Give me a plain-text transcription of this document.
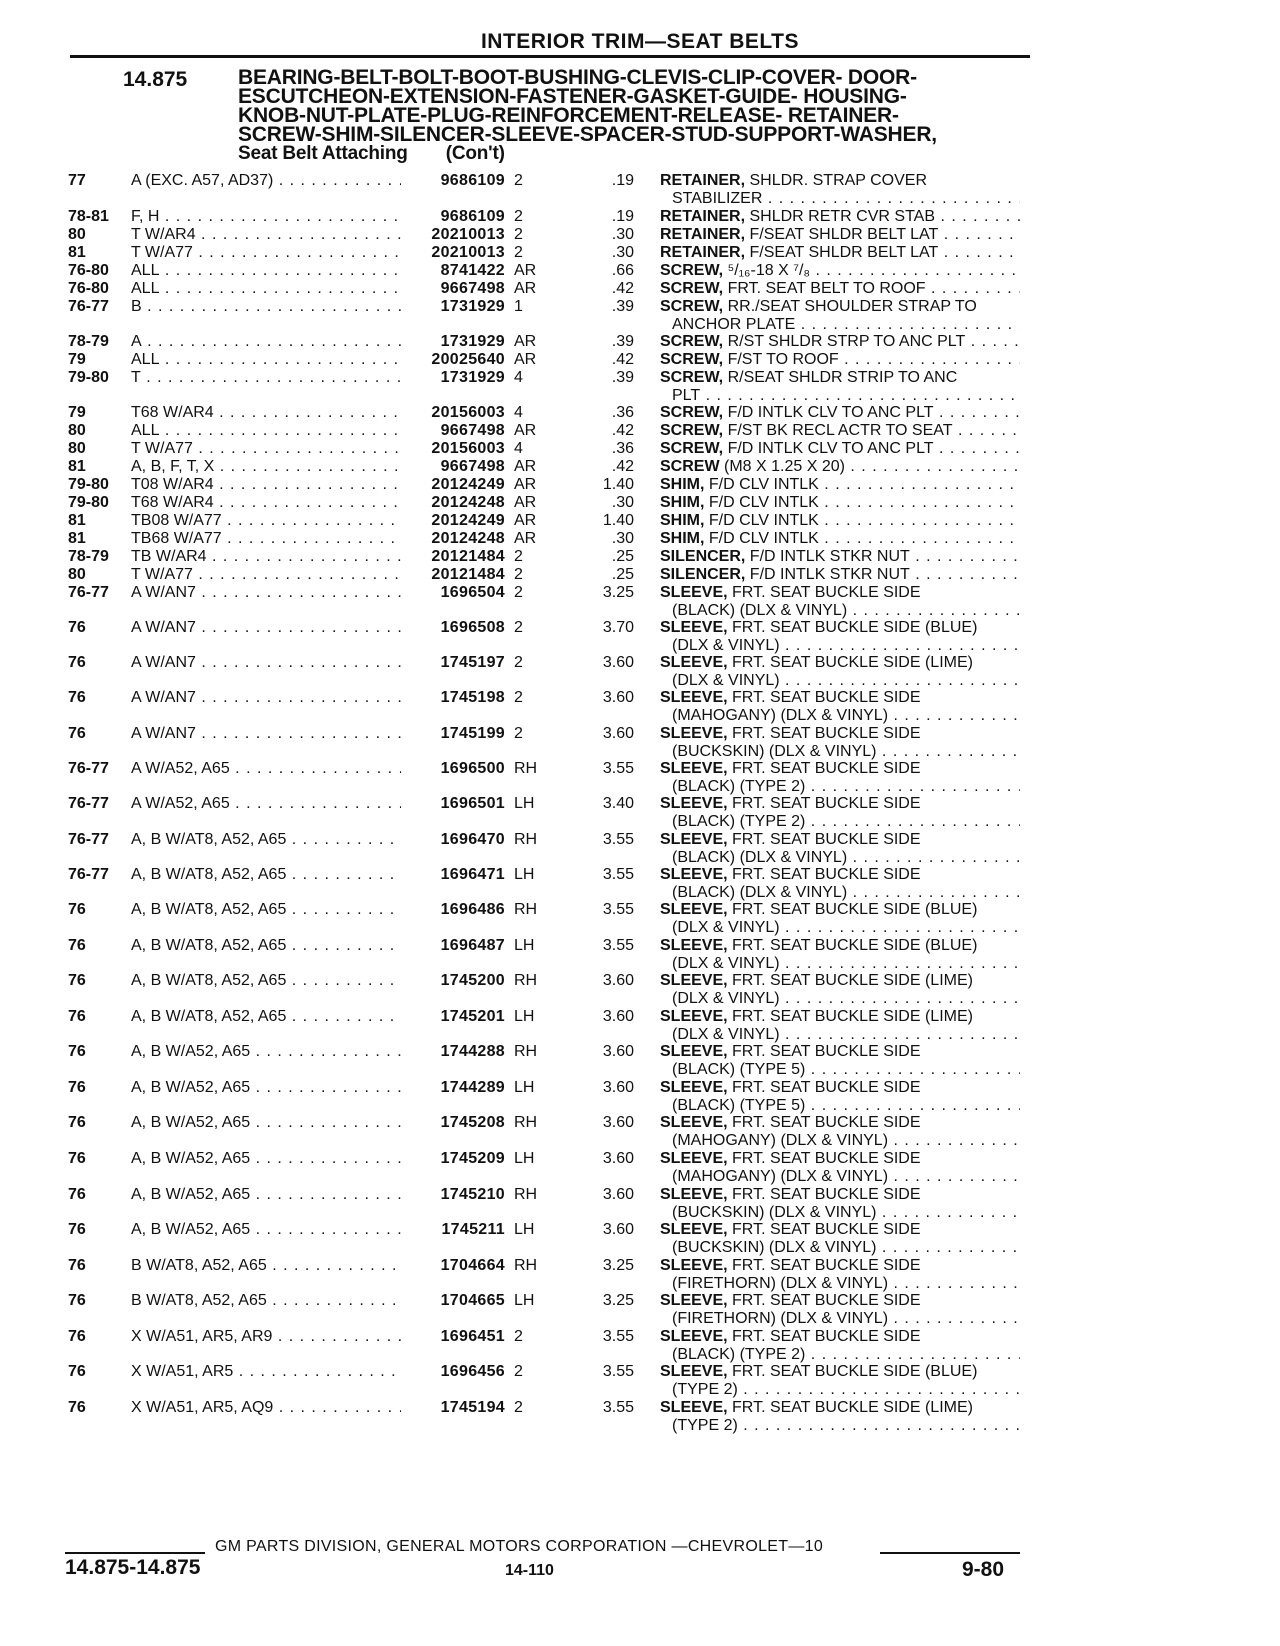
INTERIOR TRIM—SEAT BELTS
14.875 BEARING-BELT-BOLT-BOOT-BUSHING-CLEVIS-CLIP-COVER- DOOR-
ESCUTCHEON-EXTENSION-FASTENER-GASKET-GUIDE- HOUSING-
KNOB-NUT-PLATE-PLUG-REINFORCEMENT-RELEASE- RETAINER-
SCREW-SHIM-SILENCER-SLEEVE-SPACER-STUD-SUPPORT-WASHER,
Seat Belt Attaching (Con't)
77	A (EXC. A57, AD37) . . .	9686109 2	.19 RETAINER, SHLDR. STRAP COVER
STABILIZER . . .
78-81 F, H . . .	9686109 2	.19 RETAINER, SHLDR RETR CVR STAB . . .
80	T W/AR4 . . .	20210013 2	.30 RETAINER, F/SEAT SHLDR BELT LAT . . .
81	T W/A77 . . .	20210013 2	.30 RETAINER, F/SEAT SHLDR BELT LAT . . .
76-80 ALL . . .	8741422 AR	.66 SCREW, ⁵/₁₆-18 X ⁷/₈ . . .
76-80 ALL . . .	9667498 AR	.42 SCREW, FRT. SEAT BELT TO ROOF . . .
76-77 B . . .	1731929 1	.39 SCREW, RR./SEAT SHOULDER STRAP TO
ANCHOR PLATE . . .
78-79 A . . .	1731929 AR	.39 SCREW, R/ST SHLDR STRP TO ANC PLT . . .
79	ALL . . .	20025640 AR	.42 SCREW, F/ST TO ROOF . . .
79-80 T . . .	1731929 4	.39 SCREW, R/SEAT SHLDR STRIP TO ANC
PLT . . .
79	T68 W/AR4 . . .	20156003 4	.36 SCREW, F/D INTLK CLV TO ANC PLT . . .
80	ALL . . .	9667498 AR	.42 SCREW, F/ST BK RECL ACTR TO SEAT . . .
80	T W/A77 . . .	20156003 4	.36 SCREW, F/D INTLK CLV TO ANC PLT . . .
81	A, B, F, T, X . . .	9667498 AR	.42 SCREW (M8 X 1.25 X 20) . . .
79-80 T08 W/AR4 . . .	20124249 AR	1.40 SHIM, F/D CLV INTLK . . .
79-80 T68 W/AR4 . . .	20124248 AR	.30 SHIM, F/D CLV INTLK . . .
81	TB08 W/A77 . . .	20124249 AR	1.40 SHIM, F/D CLV INTLK . . .
81	TB68 W/A77 . . .	20124248 AR	.30 SHIM, F/D CLV INTLK . . .
78-79 TB W/AR4 . . .	20121484 2	.25 SILENCER, F/D INTLK STKR NUT . . .
80	T W/A77 . . .	20121484 2	.25 SILENCER, F/D INTLK STKR NUT . . .
76-77 A W/AN7 . . .	1696504 2	3.25 SLEEVE, FRT. SEAT BUCKLE SIDE
(BLACK) (DLX & VINYL) . . .
76	A W/AN7 . . .	1696508 2	3.70 SLEEVE, FRT. SEAT BUCKLE SIDE (BLUE)
(DLX & VINYL) . . .
76	A W/AN7 . . .	1745197 2	3.60 SLEEVE, FRT. SEAT BUCKLE SIDE (LIME)
(DLX & VINYL) . . .
76	A W/AN7 . . .	1745198 2	3.60 SLEEVE, FRT. SEAT BUCKLE SIDE
(MAHOGANY) (DLX & VINYL) . . .
76	A W/AN7 . . .	1745199 2	3.60 SLEEVE, FRT. SEAT BUCKLE SIDE
(BUCKSKIN) (DLX & VINYL) . . .
76-77 A W/A52, A65 . . .	1696500 RH	3.55 SLEEVE, FRT. SEAT BUCKLE SIDE
(BLACK) (TYPE 2) . . .
76-77 A W/A52, A65 . . .	1696501 LH	3.40 SLEEVE, FRT. SEAT BUCKLE SIDE
(BLACK) (TYPE 2) . . .
76-77 A, B W/AT8, A52, A65 . . .	1696470 RH	3.55 SLEEVE, FRT. SEAT BUCKLE SIDE
(BLACK) (DLX & VINYL) . . .
76-77 A, B W/AT8, A52, A65 . . .	1696471 LH	3.55 SLEEVE, FRT. SEAT BUCKLE SIDE
(BLACK) (DLX & VINYL) . . .
76	A, B W/AT8, A52, A65 . . .	1696486 RH	3.55 SLEEVE, FRT. SEAT BUCKLE SIDE (BLUE)
(DLX & VINYL) . . .
76	A, B W/AT8, A52, A65 . . .	1696487 LH	3.55 SLEEVE, FRT. SEAT BUCKLE SIDE (BLUE)
(DLX & VINYL) . . .
76	A, B W/AT8, A52, A65 . . .	1745200 RH	3.60 SLEEVE, FRT. SEAT BUCKLE SIDE (LIME)
(DLX & VINYL) . . .
76	A, B W/AT8, A52, A65 . . .	1745201 LH	3.60 SLEEVE, FRT. SEAT BUCKLE SIDE (LIME)
(DLX & VINYL) . . .
76	A, B W/A52, A65 . . .	1744288 RH	3.60 SLEEVE, FRT. SEAT BUCKLE SIDE
(BLACK) (TYPE 5) . . .
76	A, B W/A52, A65 . . .	1744289 LH	3.60 SLEEVE, FRT. SEAT BUCKLE SIDE
(BLACK) (TYPE 5) . . .
76	A, B W/A52, A65 . . .	1745208 RH	3.60 SLEEVE, FRT. SEAT BUCKLE SIDE
(MAHOGANY) (DLX & VINYL) . . .
76	A, B W/A52, A65 . . .	1745209 LH	3.60 SLEEVE, FRT. SEAT BUCKLE SIDE
(MAHOGANY) (DLX & VINYL) . . .
76	A, B W/A52, A65 . . .	1745210 RH	3.60 SLEEVE, FRT. SEAT BUCKLE SIDE
(BUCKSKIN) (DLX & VINYL) . . .
76	A, B W/A52, A65 . . .	1745211 LH	3.60 SLEEVE, FRT. SEAT BUCKLE SIDE
(BUCKSKIN) (DLX & VINYL) . . .
76	B W/AT8, A52, A65 . . .	1704664 RH	3.25 SLEEVE, FRT. SEAT BUCKLE SIDE
(FIRETHORN) (DLX & VINYL) . . .
76	B W/AT8, A52, A65 . . .	1704665 LH	3.25 SLEEVE, FRT. SEAT BUCKLE SIDE
(FIRETHORN) (DLX & VINYL) . . .
76	X W/A51, AR5, AR9 . . .	1696451 2	3.55 SLEEVE, FRT. SEAT BUCKLE SIDE
(BLACK) (TYPE 2) . . .
76	X W/A51, AR5 . . .	1696456 2	3.55 SLEEVE, FRT. SEAT BUCKLE SIDE (BLUE)
(TYPE 2) . . .
76	X W/A51, AR5, AQ9 . . .	1745194 2	3.55 SLEEVE, FRT. SEAT BUCKLE SIDE (LIME)
(TYPE 2) . . .
GM PARTS DIVISION, GENERAL MOTORS CORPORATION —CHEVROLET—10
14.875-14.875	14-110	9-80
